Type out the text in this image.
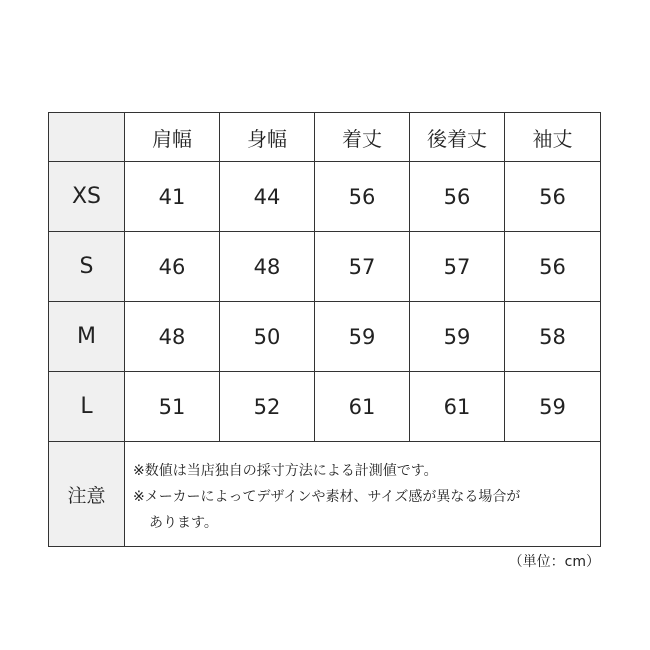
	肩幅	身幅	着丈	後着丈	袖丈
XS	41	44	56	56	56
S	46	48	57	57	56
M	48	50	59	59	58
L	51	52	61	61	59
注意	※数値は当店独自の採寸方法による計測値です。
※メーカーによってデザインや素材、サイズ感が異なる場合が
あります。				
（単位：cm）
